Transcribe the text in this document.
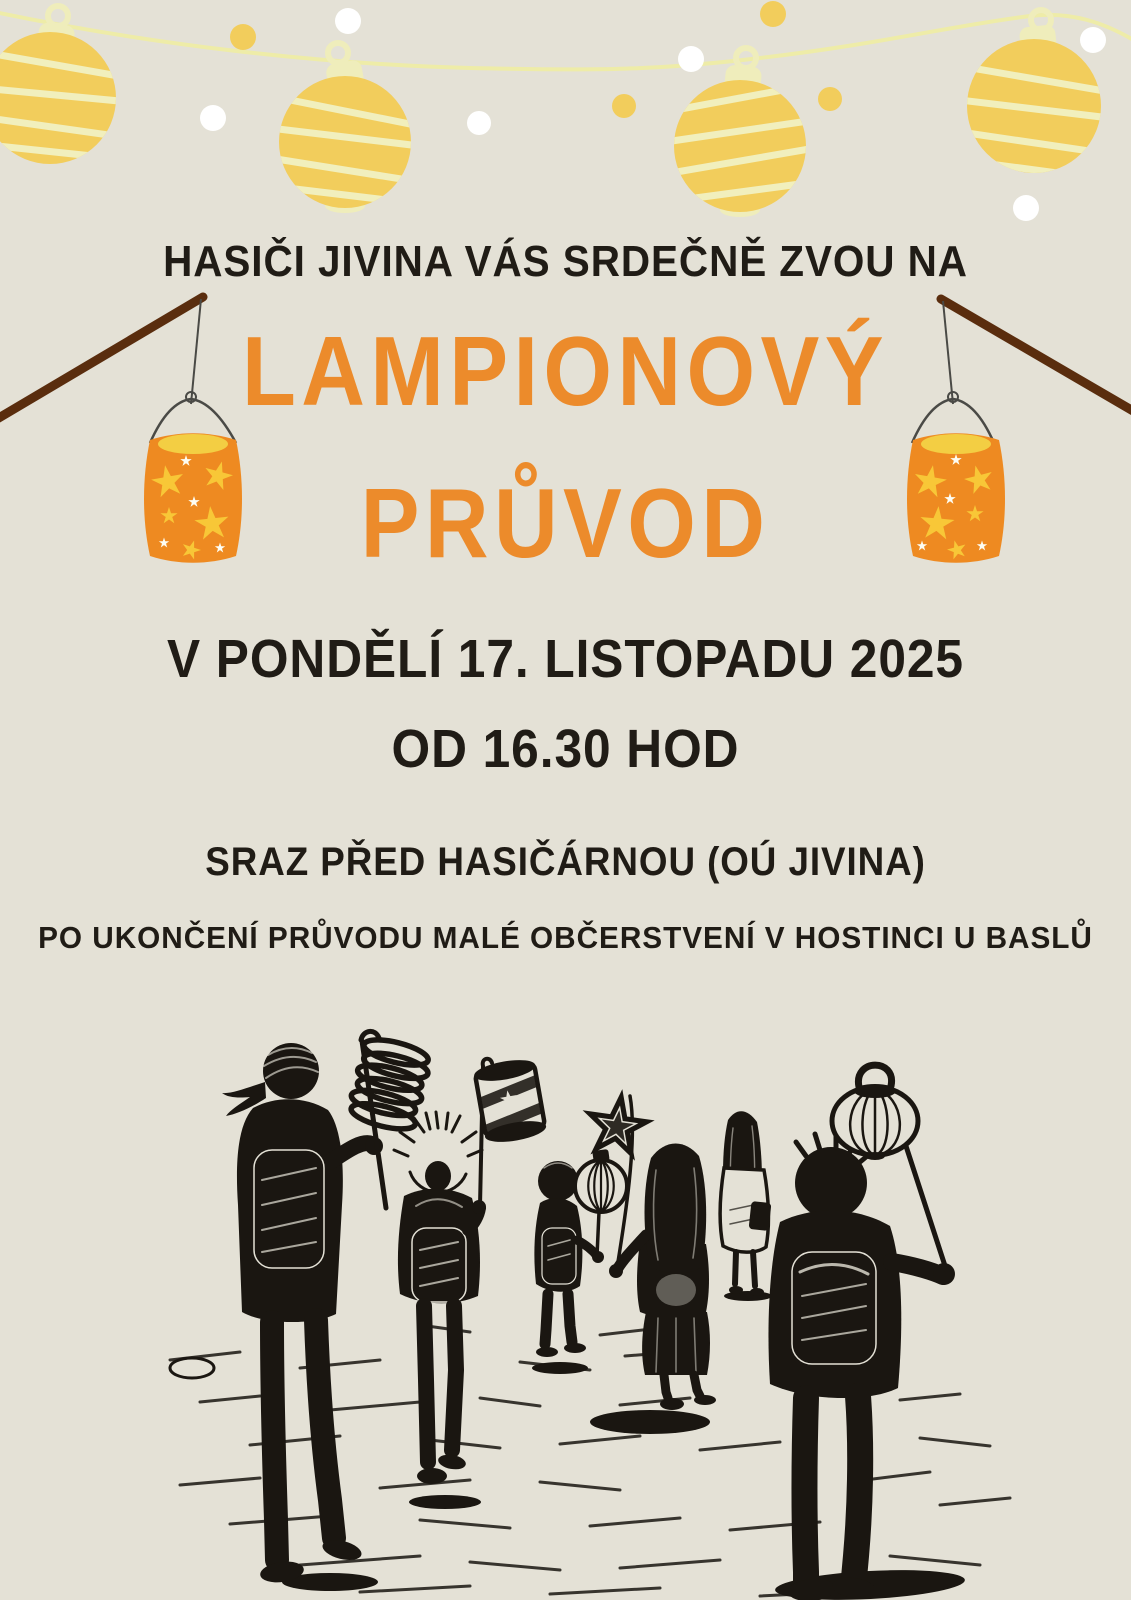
HASIČI JIVINA VÁS SRDEČNĚ ZVOU NA
LAMPIONOVÝ
PRŮVOD
V PONDĚLÍ 17. LISTOPADU 2025
OD 16.30 HOD
SRAZ PŘED HASIČÁRNOU (OÚ JIVINA)
PO UKONČENÍ PRŮVODU MALÉ OBČERSTVENÍ V HOSTINCI U BASLŮ
